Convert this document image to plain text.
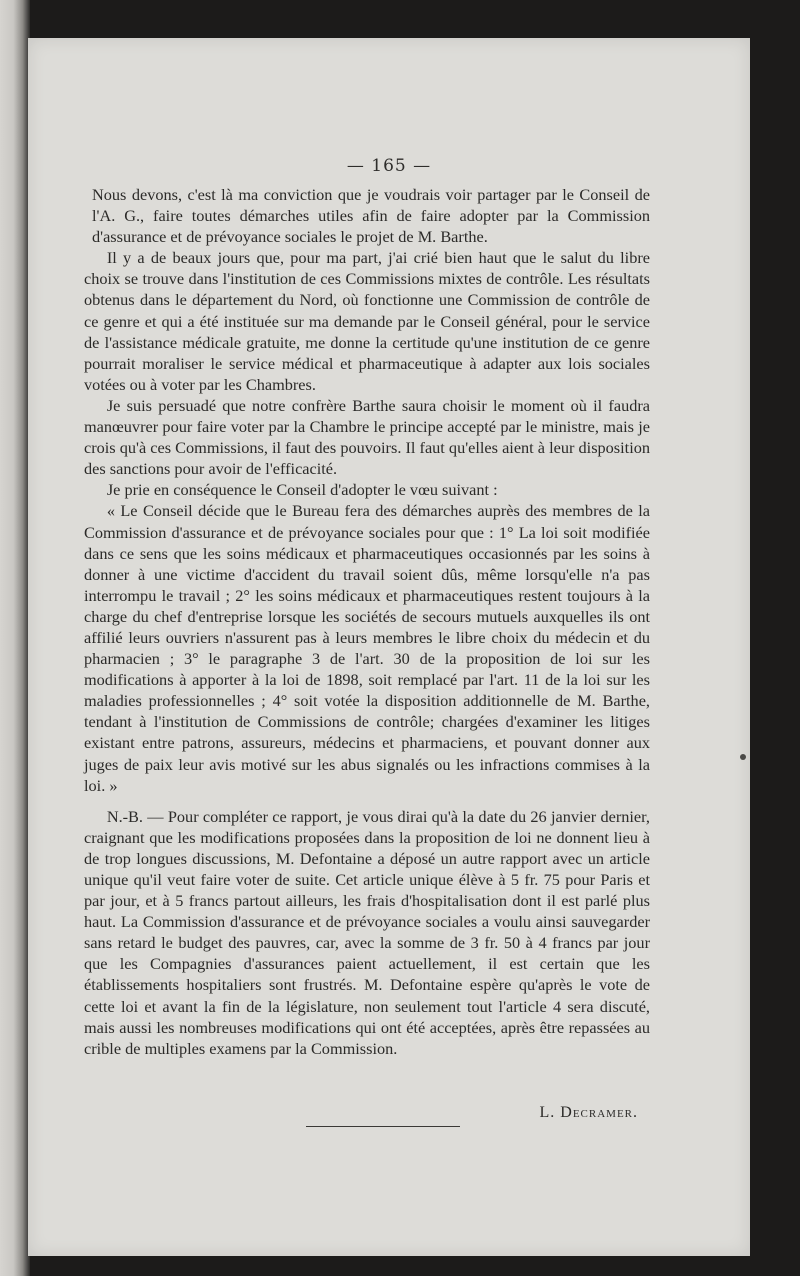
— 165 —

Nous devons, c'est là ma conviction que je voudrais voir partager par le Conseil de l'A. G., faire toutes démarches utiles afin de faire adopter par la Commission d'assurance et de prévoyance sociales le projet de M. Barthe.

Il y a de beaux jours que, pour ma part, j'ai crié bien haut que le salut du libre choix se trouve dans l'institution de ces Commissions mixtes de contrôle. Les résultats obtenus dans le département du Nord, où fonctionne une Commission de contrôle de ce genre et qui a été instituée sur ma demande par le Conseil général, pour le service de l'assistance médicale gratuite, me donne la certitude qu'une institution de ce genre pourrait moraliser le service médical et pharmaceutique à adapter aux lois sociales votées ou à voter par les Chambres.

Je suis persuadé que notre confrère Barthe saura choisir le moment où il faudra manœuvrer pour faire voter par la Chambre le principe accepté par le ministre, mais je crois qu'à ces Commissions, il faut des pouvoirs. Il faut qu'elles aient à leur disposition des sanctions pour avoir de l'efficacité.

Je prie en conséquence le Conseil d'adopter le vœu suivant :

« Le Conseil décide que le Bureau fera des démarches auprès des membres de la Commission d'assurance et de prévoyance sociales pour que : 1° La loi soit modifiée dans ce sens que les soins médicaux et pharmaceutiques occasionnés par les soins à donner à une victime d'accident du travail soient dûs, même lorsqu'elle n'a pas interrompu le travail ; 2° les soins médicaux et pharmaceutiques restent toujours à la charge du chef d'entreprise lorsque les sociétés de secours mutuels auxquelles ils ont affilié leurs ouvriers n'assurent pas à leurs membres le libre choix du médecin et du pharmacien ; 3° le paragraphe 3 de l'art. 30 de la proposition de loi sur les modifications à apporter à la loi de 1898, soit remplacé par l'art. 11 de la loi sur les maladies professionnelles ; 4° soit votée la disposition additionnelle de M. Barthe, tendant à l'institution de Commissions de contrôle; chargées d'examiner les litiges existant entre patrons, assureurs, médecins et pharmaciens, et pouvant donner aux juges de paix leur avis motivé sur les abus signalés ou les infractions commises à la loi. »

N.-B. — Pour compléter ce rapport, je vous dirai qu'à la date du 26 janvier dernier, craignant que les modifications proposées dans la proposition de loi ne donnent lieu à de trop longues discussions, M. Defontaine a déposé un autre rapport avec un article unique qu'il veut faire voter de suite. Cet article unique élève à 5 fr. 75 pour Paris et par jour, et à 5 francs partout ailleurs, les frais d'hospitalisation dont il est parlé plus haut. La Commission d'assurance et de prévoyance sociales a voulu ainsi sauvegarder sans retard le budget des pauvres, car, avec la somme de 3 fr. 50 à 4 francs par jour que les Compagnies d'assurances paient actuellement, il est certain que les établissements hospitaliers sont frustrés. M. Defontaine espère qu'après le vote de cette loi et avant la fin de la législature, non seulement tout l'article 4 sera discuté, mais aussi les nombreuses modifications qui ont été acceptées, après être repassées au crible de multiples examens par la Commission.

L. Decramer.
